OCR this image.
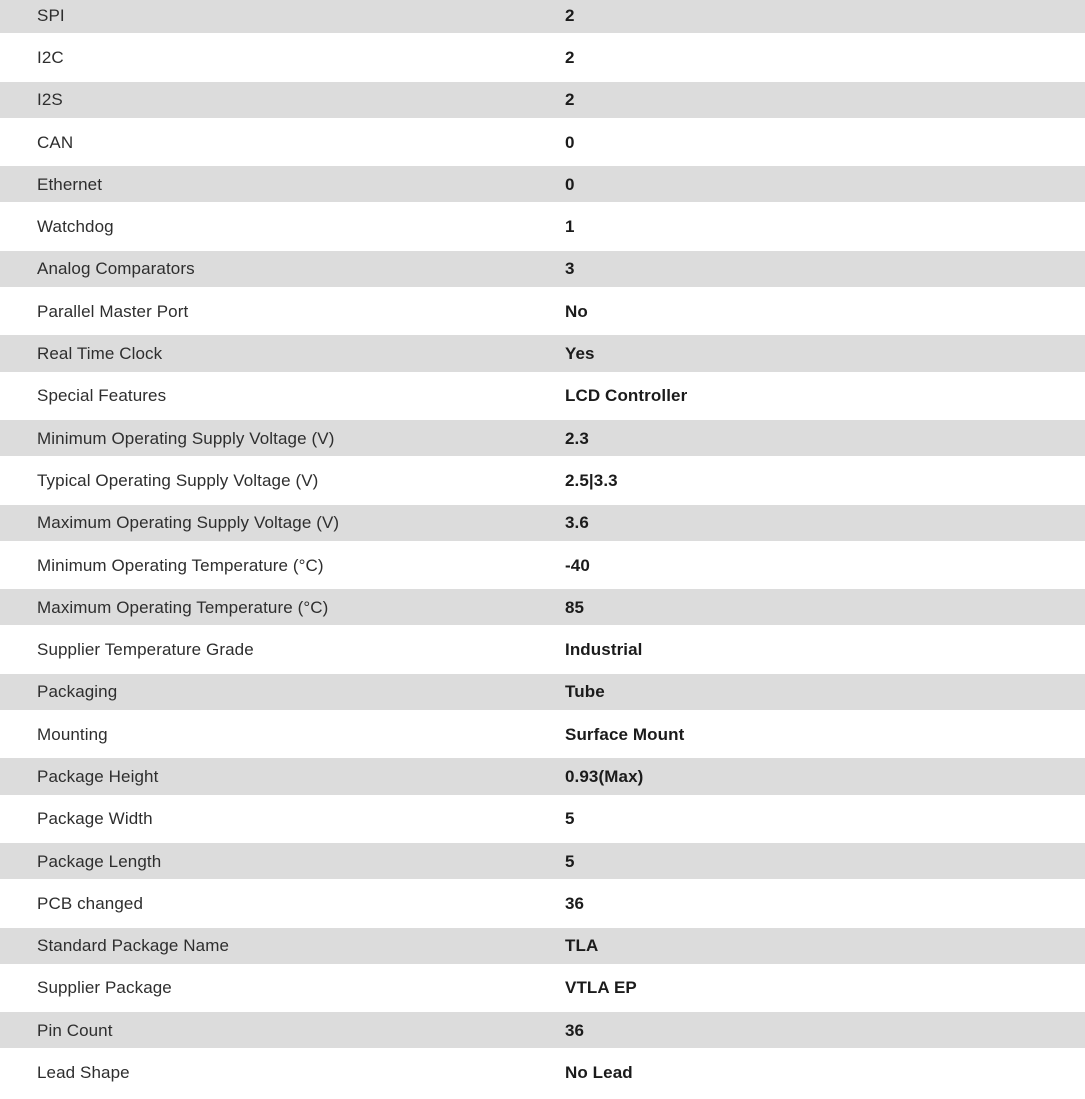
SPI	2
I2C	2
I2S	2
CAN	0
Ethernet	0
Watchdog	1
Analog Comparators	3
Parallel Master Port	No
Real Time Clock	Yes
Special Features	LCD Controller
Minimum Operating Supply Voltage (V)	2.3
Typical Operating Supply Voltage (V)	2.5|3.3
Maximum Operating Supply Voltage (V)	3.6
Minimum Operating Temperature (°C)	-40
Maximum Operating Temperature (°C)	85
Supplier Temperature Grade	Industrial
Packaging	Tube
Mounting	Surface Mount
Package Height	0.93(Max)
Package Width	5
Package Length	5
PCB changed	36
Standard Package Name	TLA
Supplier Package	VTLA EP
Pin Count	36
Lead Shape	No Lead
